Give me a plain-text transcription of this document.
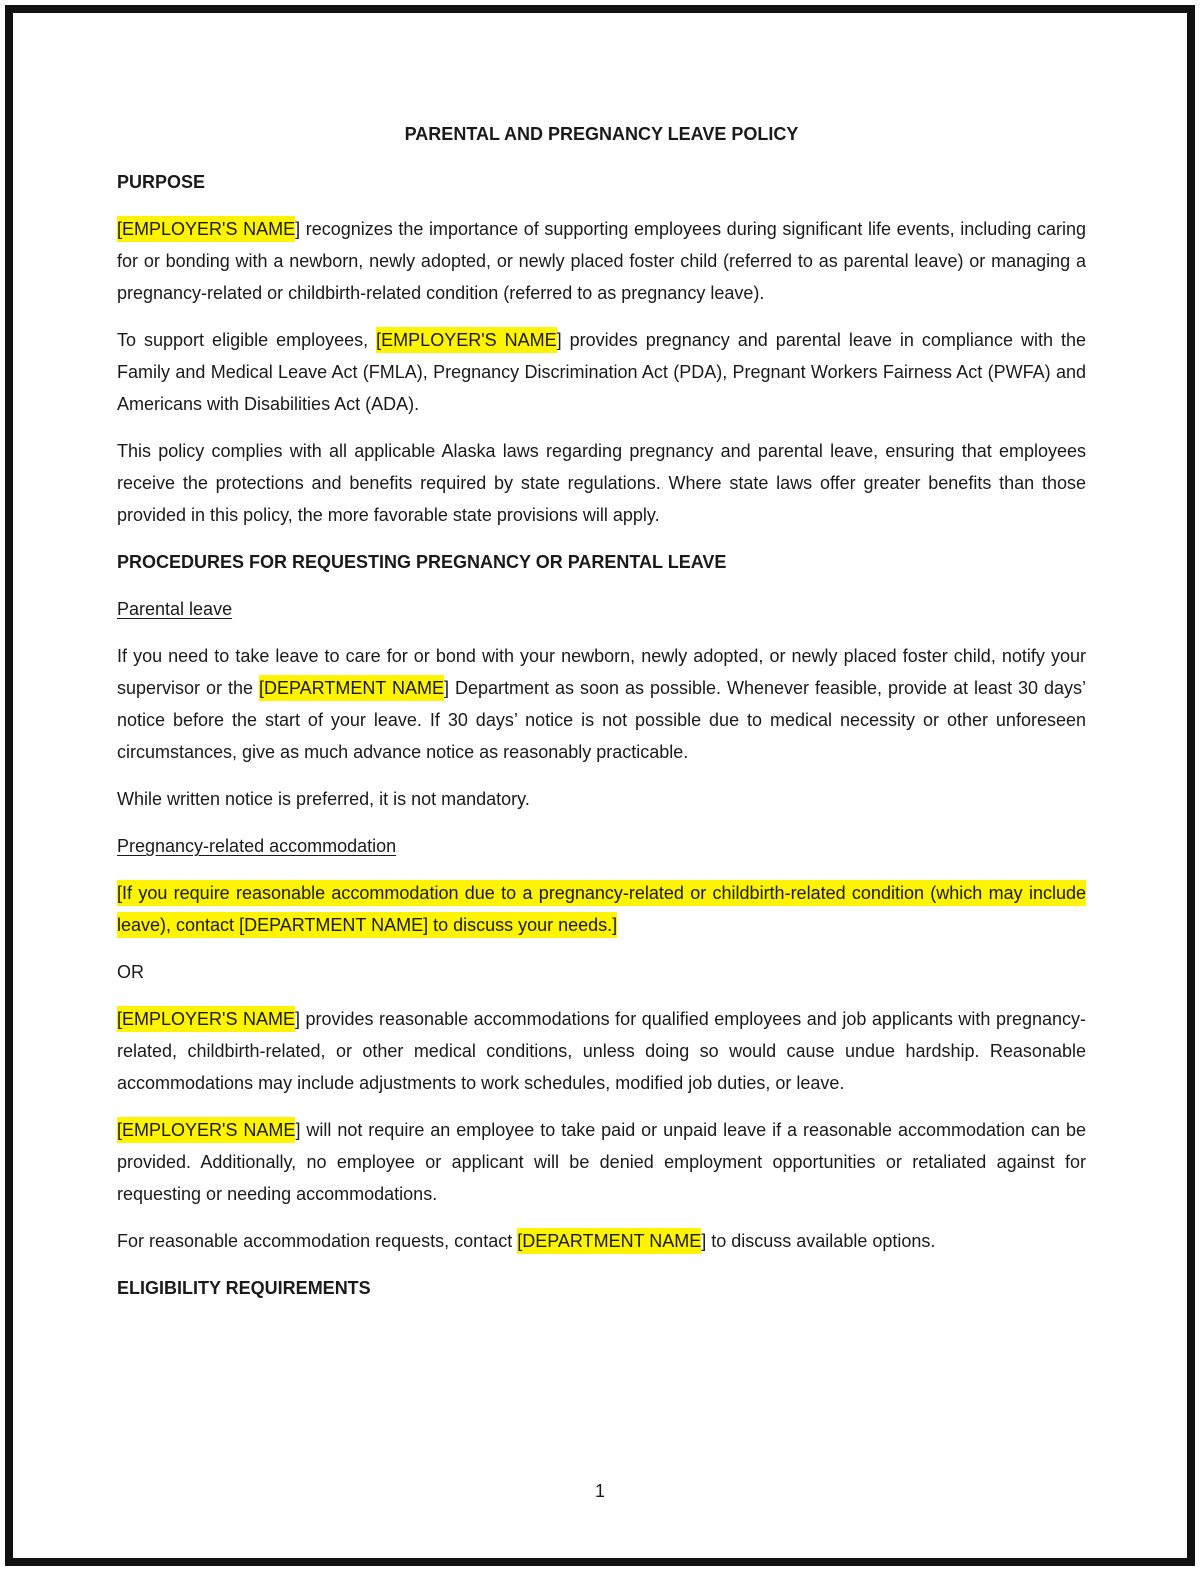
PARENTAL AND PREGNANCY LEAVE POLICY
PURPOSE

[EMPLOYER'S NAME] recognizes the importance of supporting employees during significant life events, including caring for or bonding with a newborn, newly adopted, or newly placed foster child (referred to as parental leave) or managing a pregnancy-related or childbirth-related condition (referred to as pregnancy leave).

To support eligible employees, [EMPLOYER'S NAME] provides pregnancy and parental leave in compliance with the Family and Medical Leave Act (FMLA), Pregnancy Discrimination Act (PDA), Pregnant Workers Fairness Act (PWFA) and Americans with Disabilities Act (ADA).

This policy complies with all applicable Alaska laws regarding pregnancy and parental leave, ensuring that employees receive the protections and benefits required by state regulations. Where state laws offer greater benefits than those provided in this policy, the more favorable state provisions will apply.

PROCEDURES FOR REQUESTING PREGNANCY OR PARENTAL LEAVE
Parental leave

If you need to take leave to care for or bond with your newborn, newly adopted, or newly placed foster child, notify your supervisor or the [DEPARTMENT NAME] Department as soon as possible. Whenever feasible, provide at least 30 days’ notice before the start of your leave. If 30 days’ notice is not possible due to medical necessity or other unforeseen circumstances, give as much advance notice as reasonably practicable.

While written notice is preferred, it is not mandatory.

Pregnancy-related accommodation

[If you require reasonable accommodation due to a pregnancy-related or childbirth-related condition (which may include leave), contact [DEPARTMENT NAME] to discuss your needs.]

OR

[EMPLOYER'S NAME] provides reasonable accommodations for qualified employees and job applicants with pregnancy-related, childbirth-related, or other medical conditions, unless doing so would cause undue hardship. Reasonable accommodations may include adjustments to work schedules, modified job duties, or leave.

[EMPLOYER'S NAME] will not require an employee to take paid or unpaid leave if a reasonable accommodation can be provided. Additionally, no employee or applicant will be denied employment opportunities or retaliated against for requesting or needing accommodations.

For reasonable accommodation requests, contact [DEPARTMENT NAME] to discuss available options.

ELIGIBILITY REQUIREMENTS
1
